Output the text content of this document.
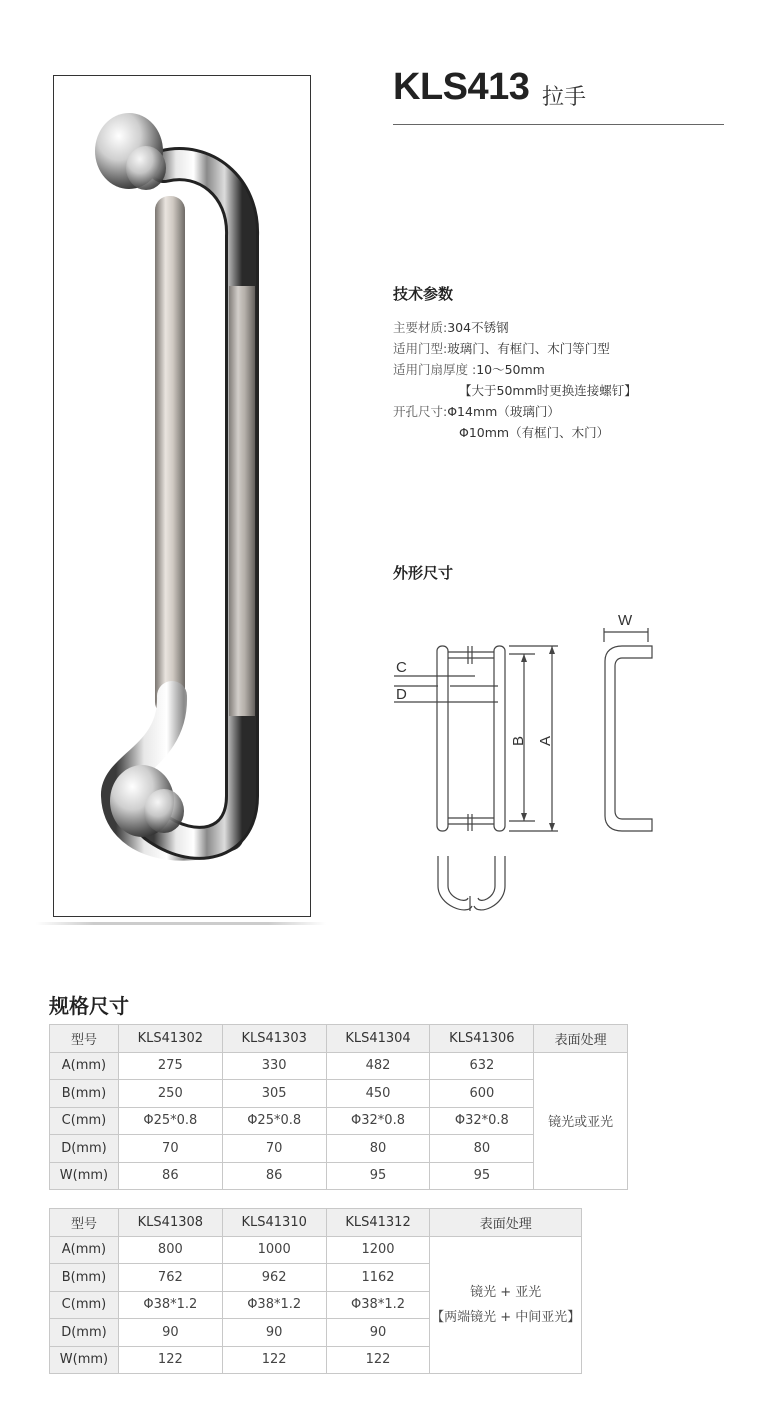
KLS413 拉手
技术参数
主要材质:304不锈钢
适用门型:玻璃门、有框门、木门等门型
适用门扇厚度 :10～50mm
【大于50mm时更换连接螺钉】
开孔尺寸:Φ14mm（玻璃门）
Φ10mm（有框门、木门）
外形尺寸
C
D
B A
W
规格尺寸
型号	KLS41302	KLS41303	KLS41304	KLS41306	表面处理
A(mm)	275	330	482	632	镜光或亚光
B(mm)	250	305	450	600	
C(mm)	Φ25*0.8	Φ25*0.8	Φ32*0.8	Φ32*0.8	
D(mm)	70	70	80	80	
W(mm)	86	86	95	95	
型号	KLS41308	KLS41310	KLS41312	表面处理
A(mm)	800	1000	1200	镜光 + 亚光
【两端镜光 + 中间亚光】

B(mm)	762	962	1162	
C(mm)	Φ38*1.2	Φ38*1.2	Φ38*1.2	
D(mm)	90	90	90	
W(mm)	122	122	122	
